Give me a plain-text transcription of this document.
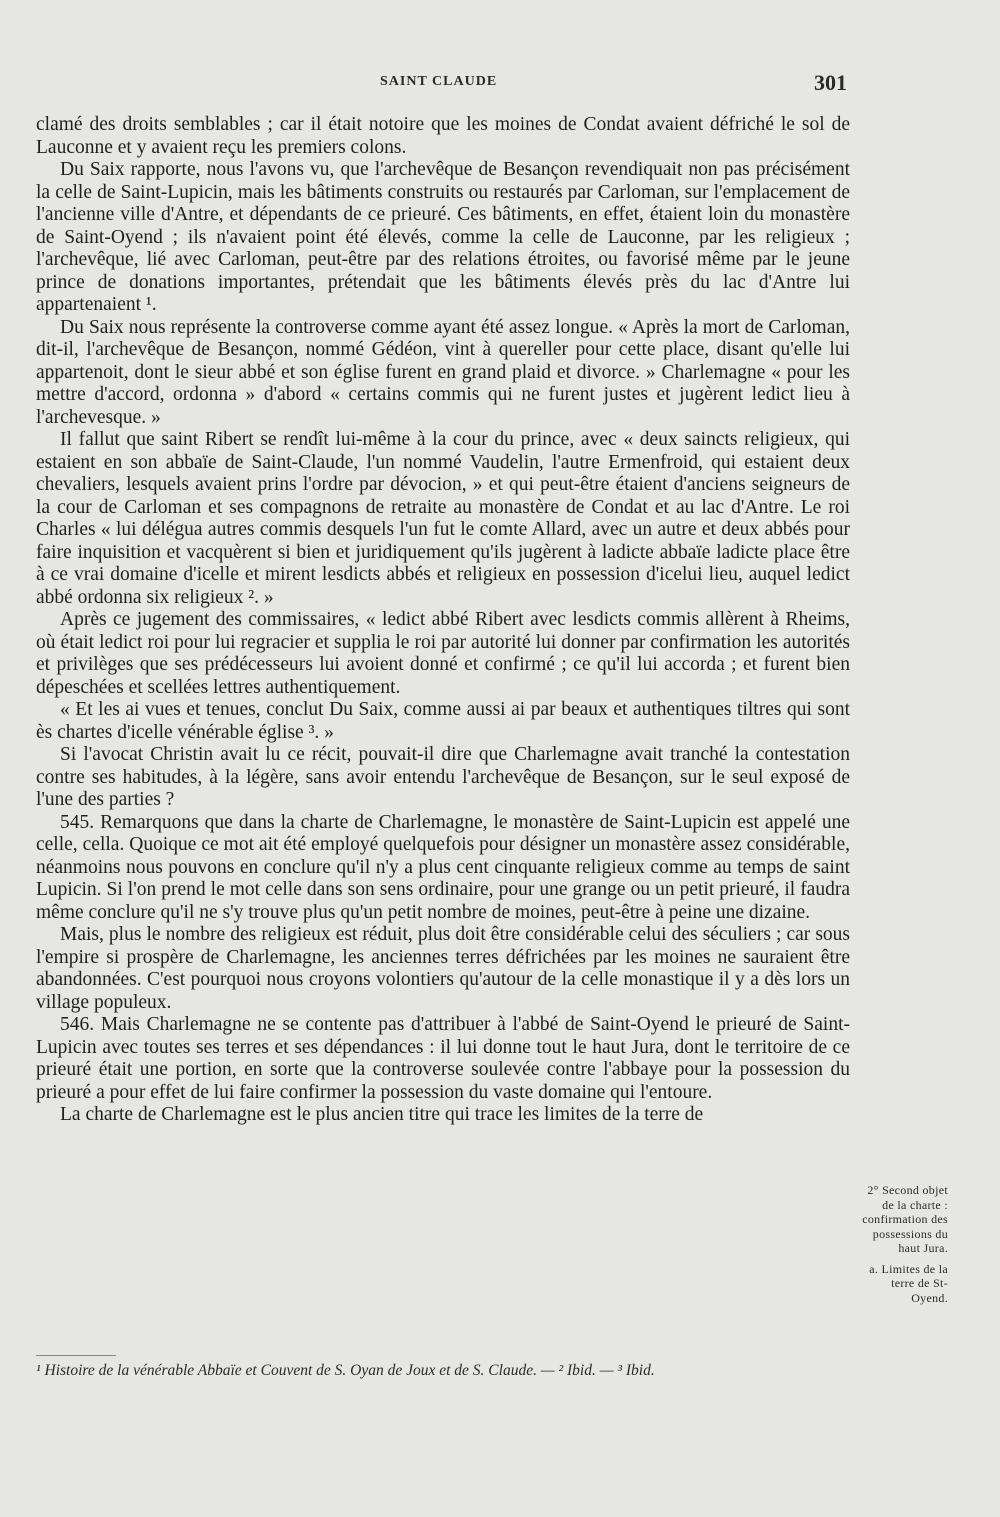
SAINT CLAUDE	301

clamé des droits semblables ; car il était notoire que les moines de Condat avaient défriché le sol de Lauconne et y avaient reçu les premiers colons.

Du Saix rapporte, nous l'avons vu, que l'archevêque de Besançon revendiquait non pas précisément la celle de Saint-Lupicin, mais les bâtiments construits ou restaurés par Carloman, sur l'emplacement de l'ancienne ville d'Antre, et dépendants de ce prieuré. Ces bâtiments, en effet, étaient loin du monastère de Saint-Oyend ; ils n'avaient point été élevés, comme la celle de Lauconne, par les religieux ; l'archevêque, lié avec Carloman, peut-être par des relations étroites, ou favorisé même par le jeune prince de donations importantes, prétendait que les bâtiments élevés près du lac d'Antre lui appartenaient ¹.

Du Saix nous représente la controverse comme ayant été assez longue. « Après la mort de Carloman, dit-il, l'archevêque de Besançon, nommé Gédéon, vint à quereller pour cette place, disant qu'elle lui appartenoit, dont le sieur abbé et son église furent en grand plaid et divorce. » Charlemagne « pour les mettre d'accord, ordonna » d'abord « certains commis qui ne furent justes et jugèrent ledict lieu à l'archevesque. »

Il fallut que saint Ribert se rendît lui-même à la cour du prince, avec « deux saincts religieux, qui estaient en son abbaïe de Saint-Claude, l'un nommé Vaudelin, l'autre Ermenfroid, qui estaient deux chevaliers, lesquels avaient prins l'ordre par dévocion, » et qui peut-être étaient d'anciens seigneurs de la cour de Carloman et ses compagnons de retraite au monastère de Condat et au lac d'Antre. Le roi Charles « lui délégua autres commis desquels l'un fut le comte Allard, avec un autre et deux abbés pour faire inquisition et vacquèrent si bien et juridiquement qu'ils jugèrent à ladicte abbaïe ladicte place être à ce vrai domaine d'icelle et mirent lesdicts abbés et religieux en possession d'icelui lieu, auquel ledict abbé ordonna six religieux ². »

Après ce jugement des commissaires, « ledict abbé Ribert avec lesdicts commis allèrent à Rheims, où était ledict roi pour lui regracier et supplia le roi par autorité lui donner par confirmation les autorités et privilèges que ses prédécesseurs lui avoient donné et confirmé ; ce qu'il lui accorda ; et furent bien dépeschées et scellées lettres authentiquement.

« Et les ai vues et tenues, conclut Du Saix, comme aussi ai par beaux et authentiques tiltres qui sont ès chartes d'icelle vénérable église ³. »

Si l'avocat Christin avait lu ce récit, pouvait-il dire que Charlemagne avait tranché la contestation contre ses habitudes, à la légère, sans avoir entendu l'archevêque de Besançon, sur le seul exposé de l'une des parties ?

545. Remarquons que dans la charte de Charlemagne, le monastère de Saint-Lupicin est appelé une celle, cella. Quoique ce mot ait été employé quelquefois pour désigner un monastère assez considérable, néanmoins nous pouvons en conclure qu'il n'y a plus cent cinquante religieux comme au temps de saint Lupicin. Si l'on prend le mot celle dans son sens ordinaire, pour une grange ou un petit prieuré, il faudra même conclure qu'il ne s'y trouve plus qu'un petit nombre de moines, peut-être à peine une dizaine.

Mais, plus le nombre des religieux est réduit, plus doit être considérable celui des séculiers ; car sous l'empire si prospère de Charlemagne, les anciennes terres défrichées par les moines ne sauraient être abandonnées. C'est pourquoi nous croyons volontiers qu'autour de la celle monastique il y a dès lors un village populeux.

546. Mais Charlemagne ne se contente pas d'attribuer à l'abbé de Saint-Oyend le prieuré de Saint-Lupicin avec toutes ses terres et ses dépendances : il lui donne tout le haut Jura, dont le territoire de ce prieuré était une portion, en sorte que la controverse soulevée contre l'abbaye pour la possession du prieuré a pour effet de lui faire confirmer la possession du vaste domaine qui l'entoure.

La charte de Charlemagne est le plus ancien titre qui trace les limites de la terre de

2° Second objet de la charte : confirmation des possessions du haut Jura.
a. Limites de la terre de St-Oyend.
¹ Histoire de la vénérable Abbaïe et Couvent de S. Oyan de Joux et de S. Claude. — ² Ibid. — ³ Ibid.
